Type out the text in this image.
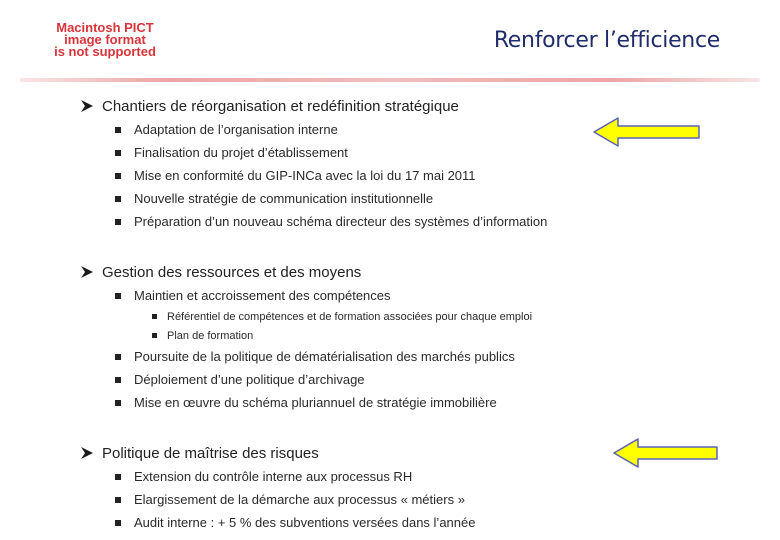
Macintosh PICT
image format
is not supported	Renforcer l’efficience
Chantiers de réorganisation et redéfinition stratégique
Adaptation de l’organisation interne
Finalisation du projet d’établissement
Mise en conformité du GIP-INCa avec la loi du 17 mai 2011
Nouvelle stratégie de communication institutionnelle
Préparation d’un nouveau schéma directeur des systèmes d’information
Gestion des ressources et des moyens
Maintien et accroissement des compétences
Référentiel de compétences et de formation associées pour chaque emploi
Plan de formation
Poursuite de la politique de dématérialisation des marchés publics
Déploiement d’une politique d’archivage
Mise en œuvre du schéma pluriannuel de stratégie immobilière
Politique de maîtrise des risques
Extension du contrôle interne aux processus RH
Elargissement de la démarche aux processus « métiers »
Audit interne : + 5 % des subventions versées dans l’année
